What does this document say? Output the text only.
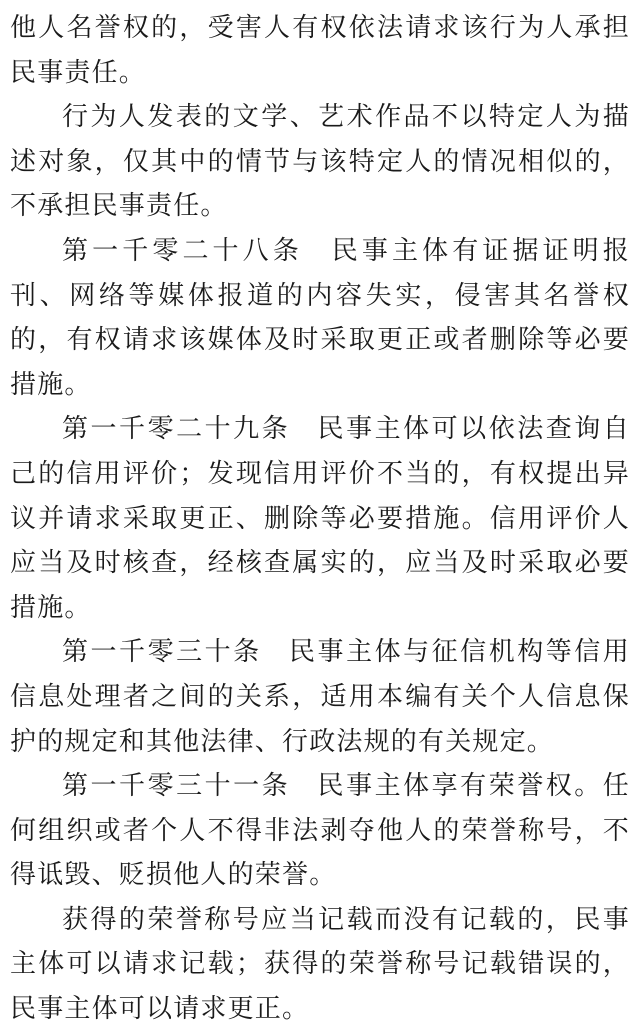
他人名誉权的，受害人有权依法请求该行为人承担民事责任。

行为人发表的文学、艺术作品不以特定人为描述对象，仅其中的情节与该特定人的情况相似的，不承担民事责任。

第一千零二十八条 民事主体有证据证明报刊、网络等媒体报道的内容失实，侵害其名誉权的，有权请求该媒体及时采取更正或者删除等必要措施。

第一千零二十九条 民事主体可以依法查询自己的信用评价；发现信用评价不当的，有权提出异议并请求采取更正、删除等必要措施。信用评价人应当及时核查，经核查属实的，应当及时采取必要措施。

第一千零三十条 民事主体与征信机构等信用信息处理者之间的关系，适用本编有关个人信息保护的规定和其他法律、行政法规的有关规定。

第一千零三十一条 民事主体享有荣誉权。任何组织或者个人不得非法剥夺他人的荣誉称号，不得诋毁、贬损他人的荣誉。

获得的荣誉称号应当记载而没有记载的，民事主体可以请求记载；获得的荣誉称号记载错误的，民事主体可以请求更正。
